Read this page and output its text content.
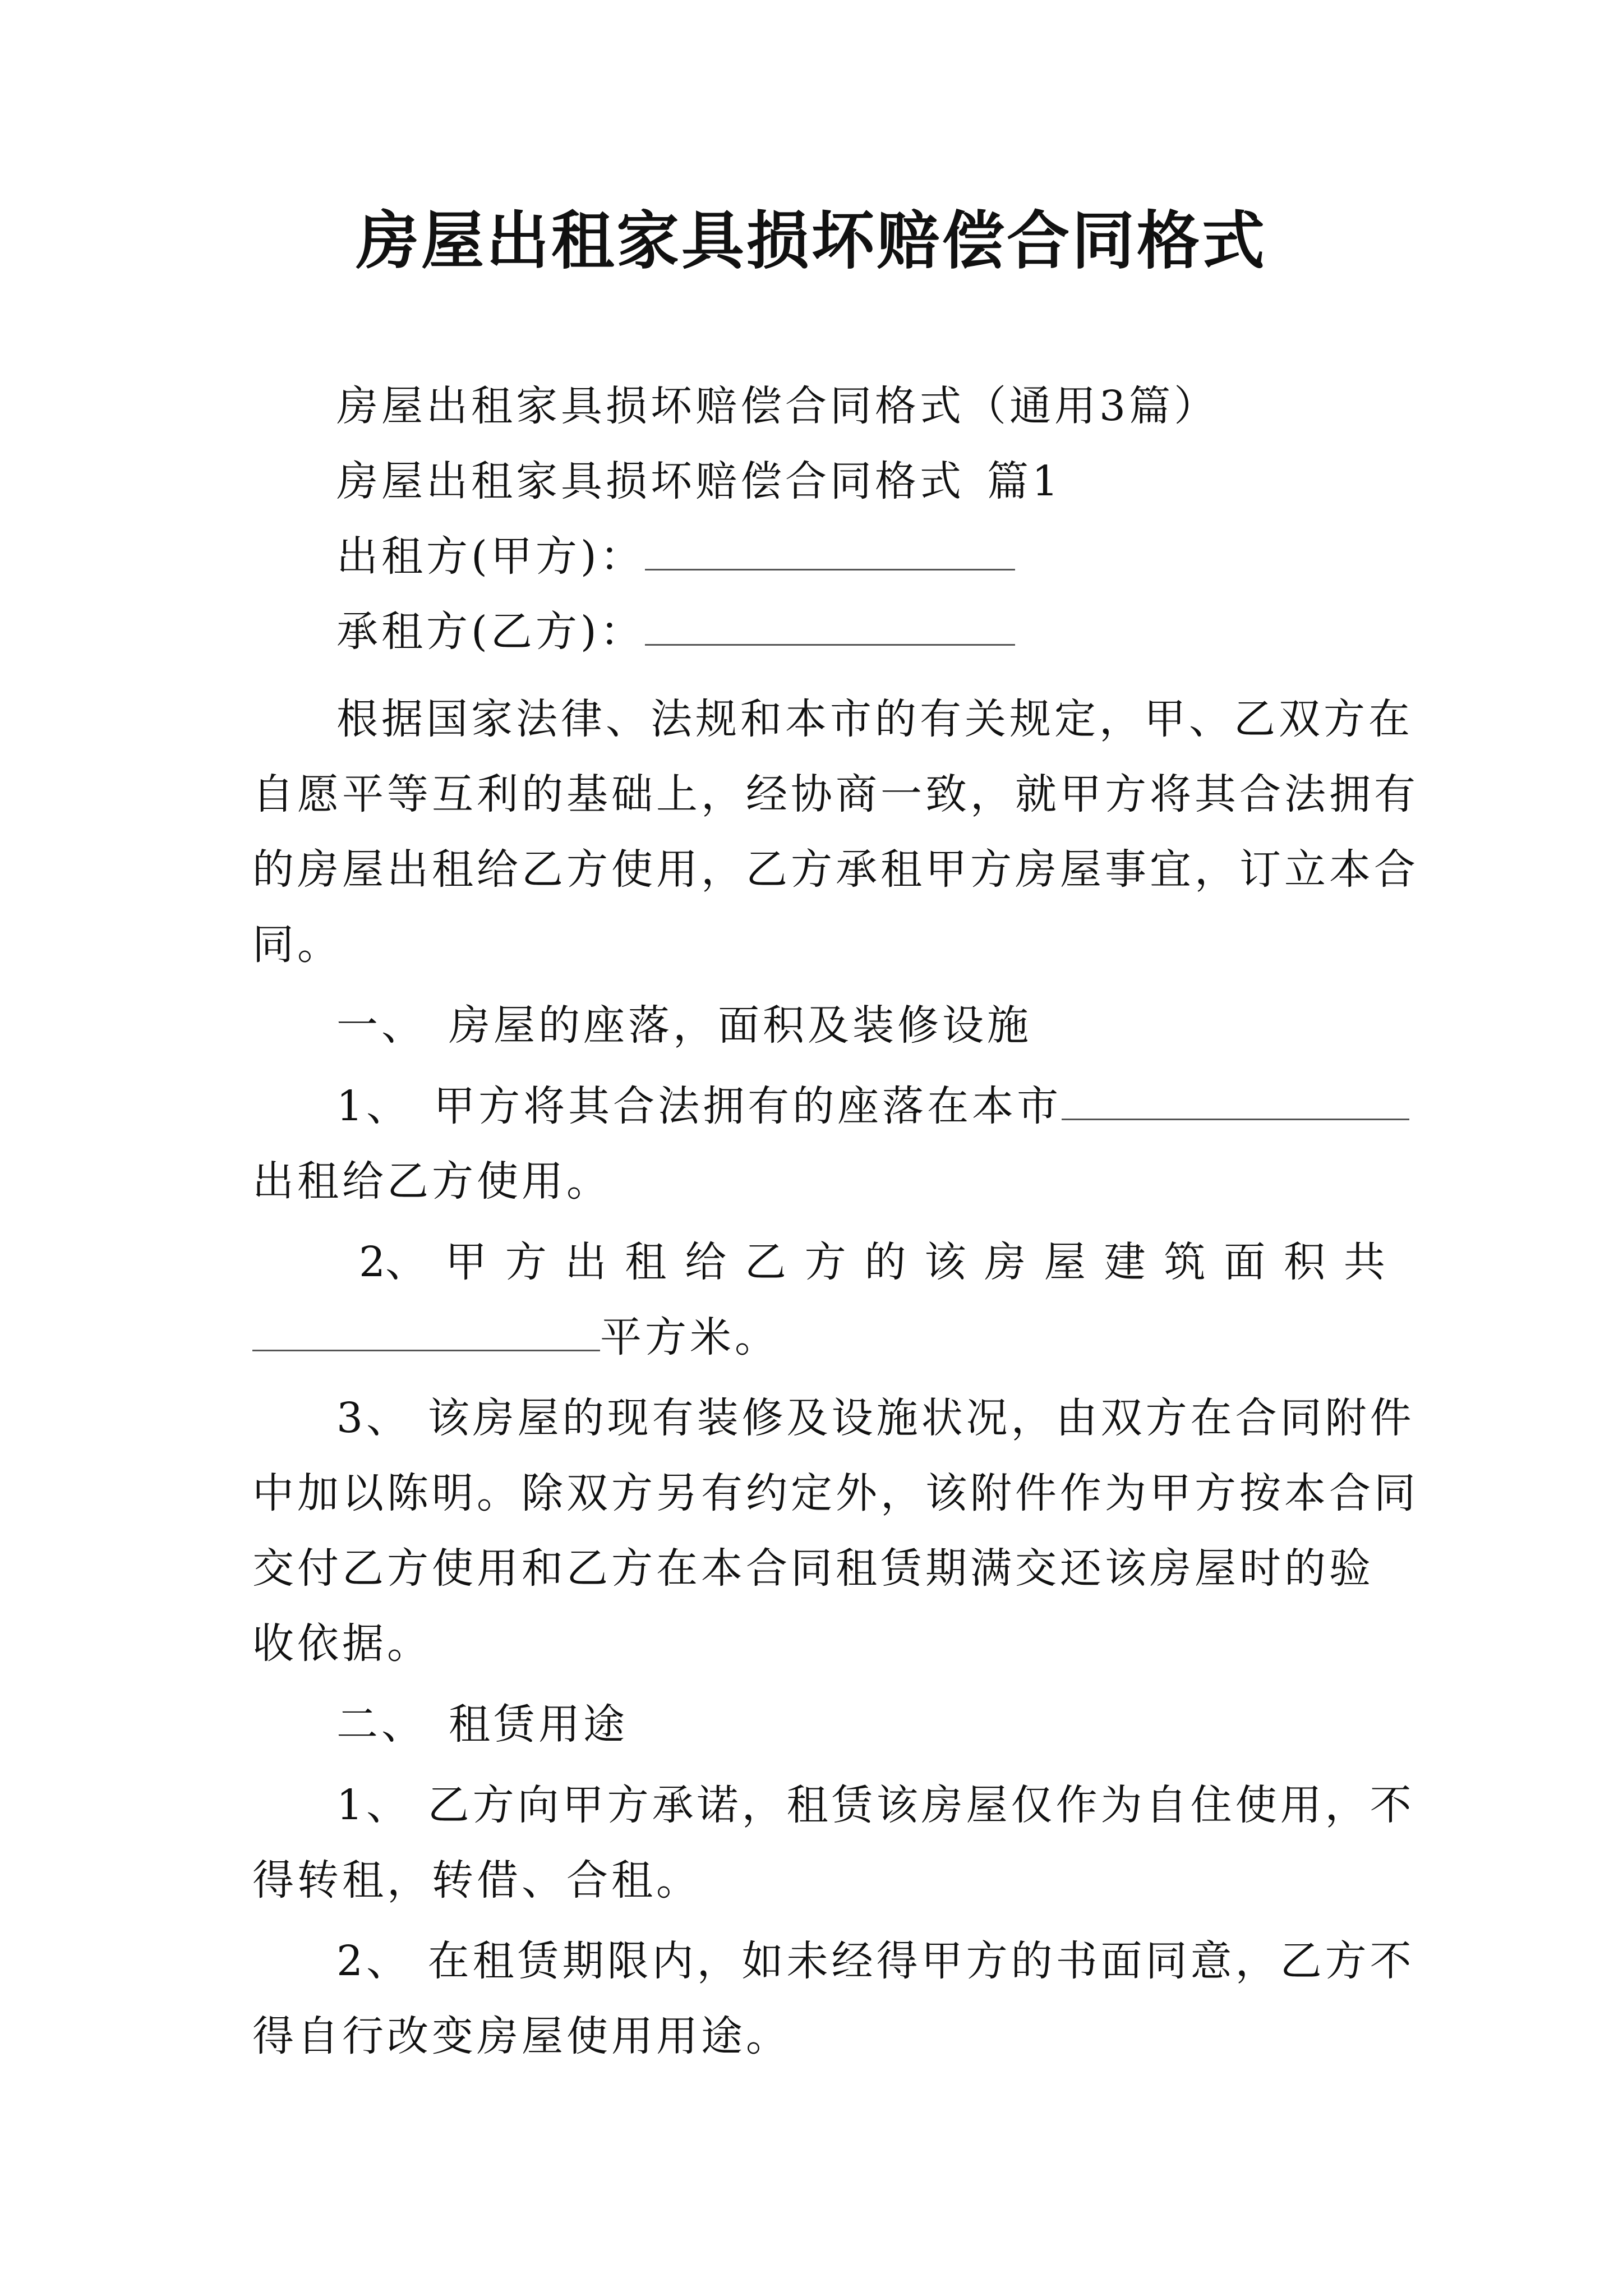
房屋出租家具损坏赔偿合同格式
房屋出租家具损坏赔偿合同格式（通用3篇）
房屋出租家具损坏赔偿合同格式 篇1
出租方(甲方)：
承租方(乙方)：
根据国家法律、法规和本市的有关规定，甲、乙双方在
自愿平等互利的基础上，经协商一致，就甲方将其合法拥有
的房屋出租给乙方使用，乙方承租甲方房屋事宜，订立本合
同。
一、 房屋的座落，面积及装修设施
1、 甲方将其合法拥有的座落在本市
出租给乙方使用。
2、 甲 方 出 租 给 乙 方 的 该 房 屋 建 筑 面 积 共
平方米。
3、 该房屋的现有装修及设施状况，由双方在合同附件
中加以陈明。除双方另有约定外，该附件作为甲方按本合同
交付乙方使用和乙方在本合同租赁期满交还该房屋时的验
收依据。
二、 租赁用途
1、 乙方向甲方承诺，租赁该房屋仅作为自住使用，不
得转租，转借、合租。
2、 在租赁期限内，如未经得甲方的书面同意，乙方不
得自行改变房屋使用用途。
